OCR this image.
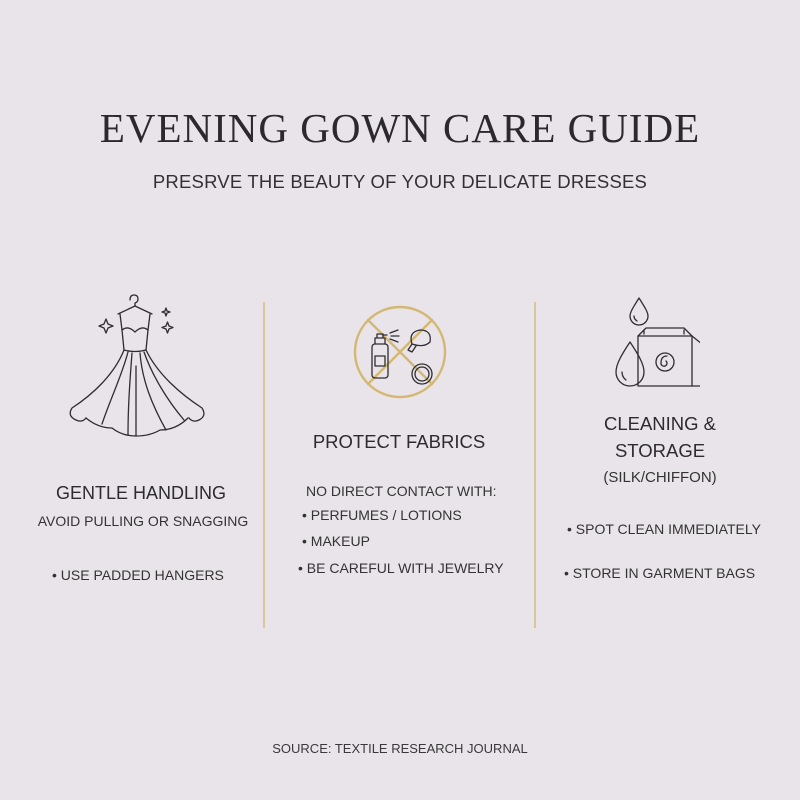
EVENING GOWN CARE GUIDE
PRESRVE THE BEAUTY OF YOUR DELICATE DRESSES
GENTLE HANDLING
AVOID PULLING OR SNAGGING
• USE PADDED HANGERS
PROTECT FABRICS
NO DIRECT CONTACT WITH:
• PERFUMES / LOTIONS
• MAKEUP
• BE CAREFUL WITH JEWELRY
CLEANING &
STORAGE
(SILK/CHIFFON)
• SPOT CLEAN IMMEDIATELY
• STORE IN GARMENT BAGS
SOURCE: TEXTILE RESEARCH JOURNAL
